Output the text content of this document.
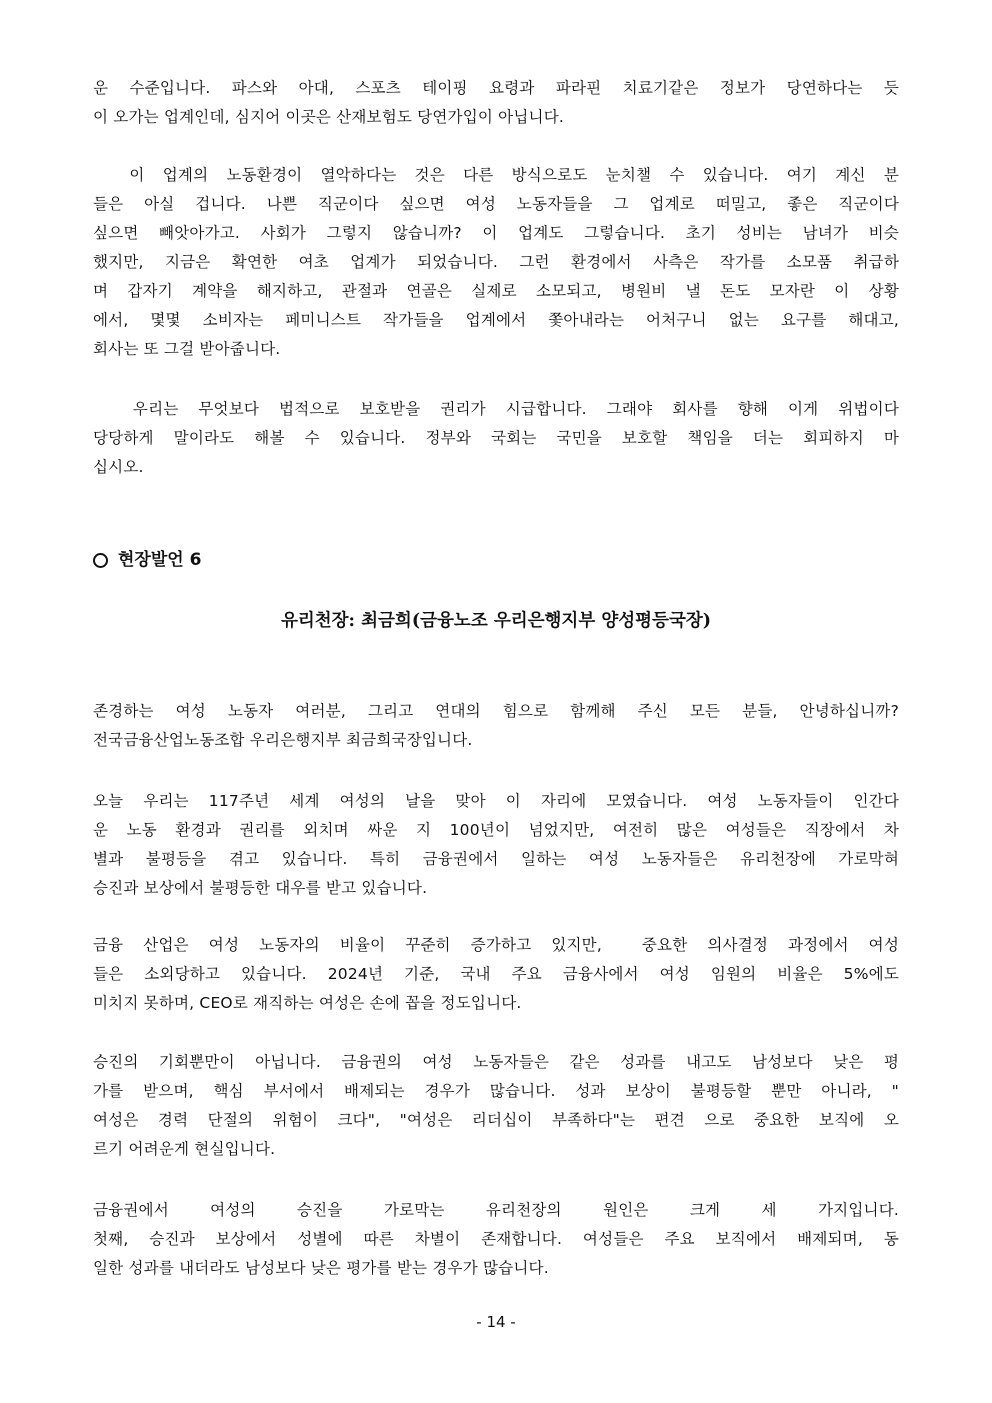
운 수준입니다. 파스와 아대, 스포츠 테이핑 요령과 파라핀 치료기같은 정보가 당연하다는 듯
이 오가는 업계인데, 심지어 이곳은 산재보험도 당연가입이 아닙니다.
이 업계의 노동환경이 열악하다는 것은 다른 방식으로도 눈치챌 수 있습니다. 여기 계신 분
들은 아실 겁니다. 나쁜 직군이다 싶으면 여성 노동자들을 그 업계로 떠밀고, 좋은 직군이다
싶으면 빼앗아가고. 사회가 그렇지 않습니까? 이 업계도 그렇습니다. 초기 성비는 남녀가 비슷
했지만, 지금은 확연한 여초 업계가 되었습니다. 그런 환경에서 사측은 작가를 소모품 취급하
며 갑자기 계약을 해지하고, 관절과 연골은 실제로 소모되고, 병원비 낼 돈도 모자란 이 상황
에서, 몇몇 소비자는 페미니스트 작가들을 업계에서 쫓아내라는 어처구니 없는 요구를 해대고,
회사는 또 그걸 받아줍니다.
우리는 무엇보다 법적으로 보호받을 권리가 시급합니다. 그래야 회사를 향해 이게 위법이다
당당하게 말이라도 해볼 수 있습니다. 정부와 국회는 국민을 보호할 책임을 더는 회피하지 마
십시오.
현장발언 6
유리천장: 최금희(금융노조 우리은행지부 양성평등국장)
존경하는 여성 노동자 여러분, 그리고 연대의 힘으로 함께해 주신 모든 분들, 안녕하십니까?
전국금융산업노동조합 우리은행지부 최금희국장입니다.
오늘 우리는 117주년 세계 여성의 날을 맞아 이 자리에 모였습니다. 여성 노동자들이 인간다
운 노동 환경과 권리를 외치며 싸운 지 100년이 넘었지만, 여전히 많은 여성들은 직장에서 차
별과 불평등을 겪고 있습니다. 특히 금융권에서 일하는 여성 노동자들은 유리천장에 가로막혀
승진과 보상에서 불평등한 대우를 받고 있습니다.
금융 산업은 여성 노동자의 비율이 꾸준히 증가하고 있지만,  중요한 의사결정 과정에서 여성
들은 소외당하고 있습니다. 2024년 기준, 국내 주요 금융사에서 여성 임원의 비율은 5%에도
미치지 못하며, CEO로 재직하는 여성은 손에 꼽을 정도입니다.
승진의 기회뿐만이 아닙니다. 금융권의 여성 노동자들은 같은 성과를 내고도 남성보다 낮은 평
가를 받으며, 핵심 부서에서 배제되는 경우가 많습니다. 성과 보상이 불평등할 뿐만 아니라, "
여성은 경력 단절의 위험이 크다", "여성은 리더십이 부족하다"는 편견 으로 중요한 보직에 오
르기 어려운게 현실입니다.
금융권에서 여성의 승진을 가로막는 유리천장의 원인은 크게 세 가지입니다.
첫째, 승진과 보상에서 성별에 따른 차별이 존재합니다. 여성들은 주요 보직에서 배제되며, 동
일한 성과를 내더라도 남성보다 낮은 평가를 받는 경우가 많습니다.
- 14 -
